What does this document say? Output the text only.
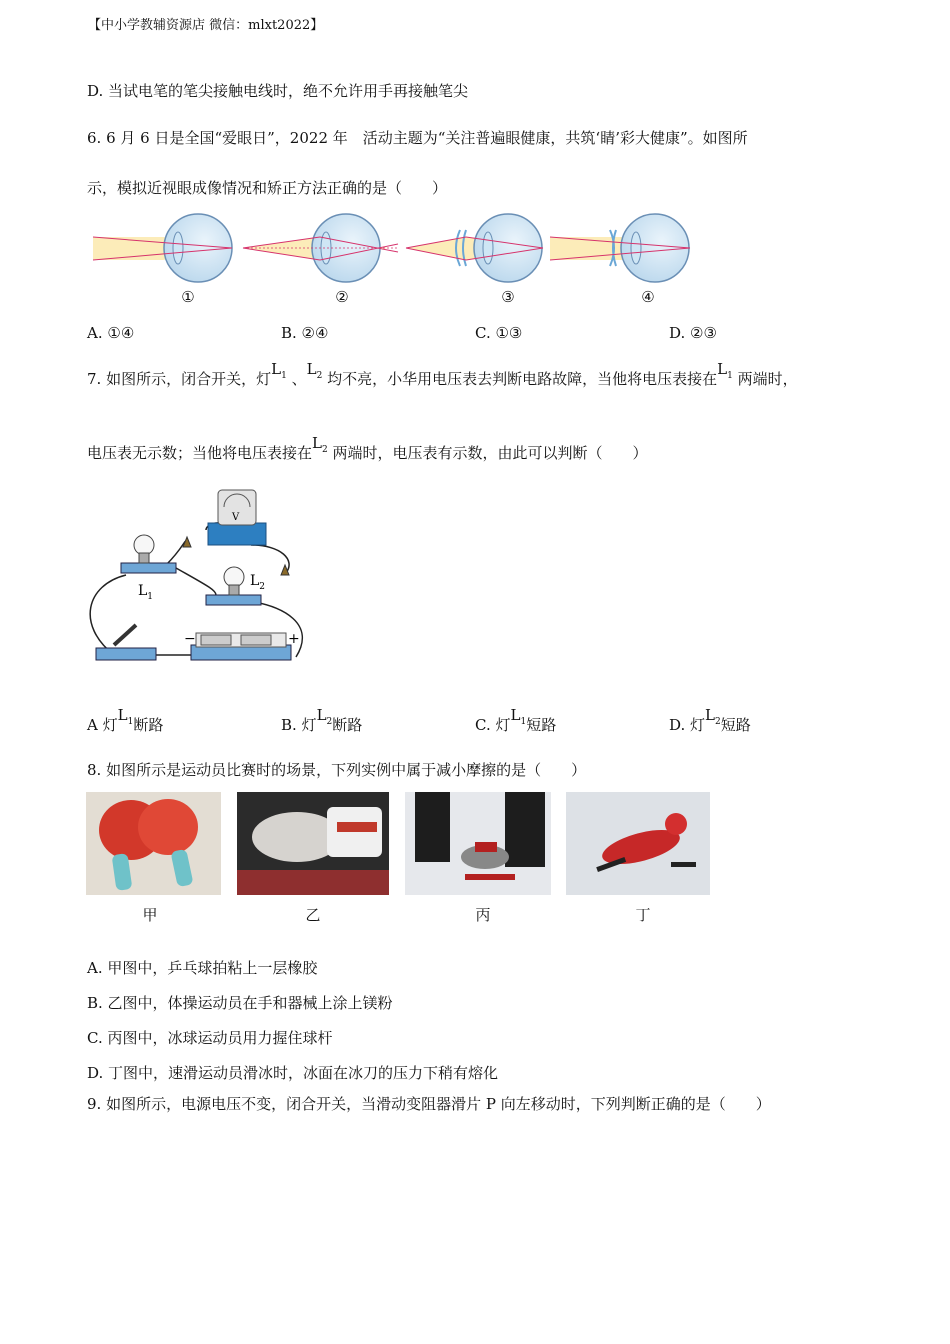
【中小学教辅资源店 微信：mlxt2022】
D. 当试电笔的笔尖接触电线时，绝不允许用手再接触笔尖
6. 6 月 6 日是全国“爱眼日”，2022 年　活动主题为“关注普遍眼健康，共筑‘睛’彩大健康”。如图所
示，模拟近视眼成像情况和矫正方法正确的是（　　）
①	②	③	④
A. ①④	B. ②④	C. ①③	D. ②③
7. 如图所示，闭合开关，灯$L_1$ 、$L_2$ 均不亮，小华用电压表去判断电路故障，当他将电压表接在$L_1$ 两端时，
电压表无示数；当他将电压表接在$L_2$ 两端时，电压表有示数，由此可以判断（　　）
V
$L_1$
$L_2$
−	+
A 灯$L_1$断路	B. 灯$L_2$断路	C. 灯$L_1$短路	D. 灯$L_2$短路
8. 如图所示是运动员比赛时的场景，下列实例中属于减小摩擦的是（　　）
甲	乙	丙	丁
A. 甲图中，乒乓球拍粘上一层橡胶
B. 乙图中，体操运动员在手和器械上涂上镁粉
C. 丙图中，冰球运动员用力握住球杆
D. 丁图中，速滑运动员滑冰时，冰面在冰刀的压力下稍有熔化
9. 如图所示，电源电压不变，闭合开关，当滑动变阻器滑片 P 向左移动时，下列判断正确的是（　　）
